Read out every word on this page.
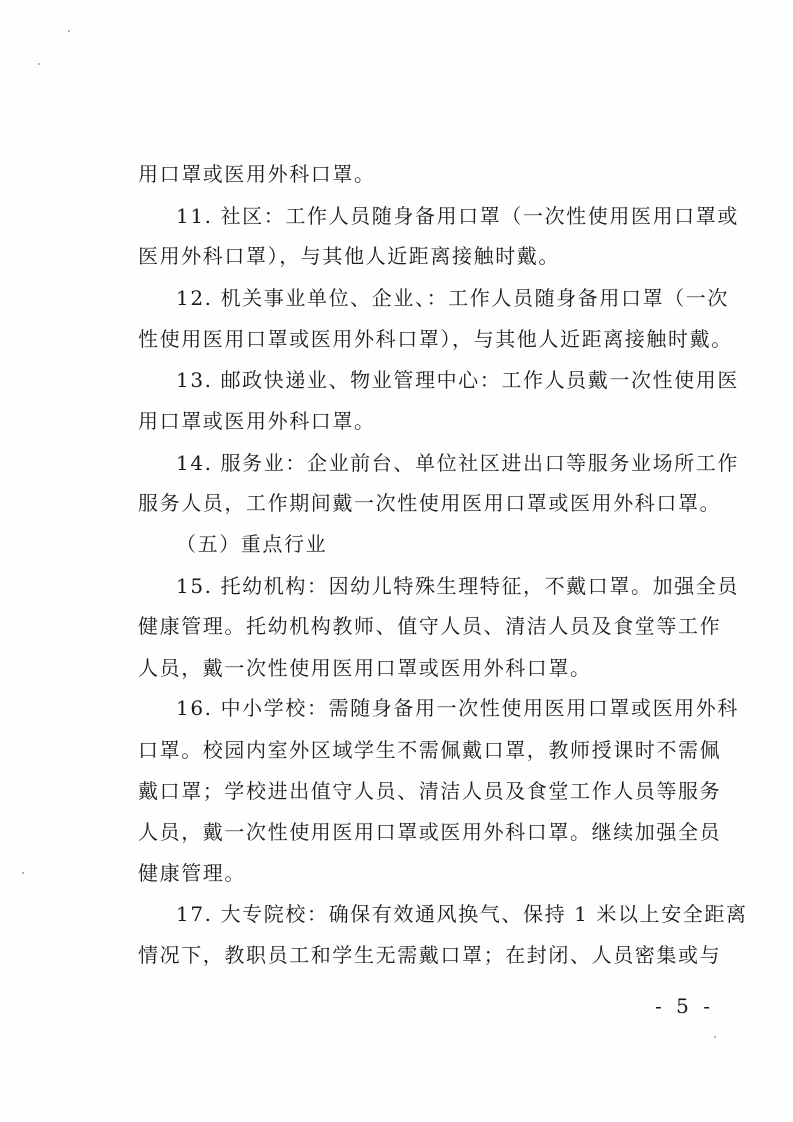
用口罩或医用外科口罩。
11. 社区：工作人员随身备用口罩（一次性使用医用口罩或
医用外科口罩），与其他人近距离接触时戴。
12. 机关事业单位、企业、：工作人员随身备用口罩（一次
性使用医用口罩或医用外科口罩），与其他人近距离接触时戴。
13. 邮政快递业、物业管理中心：工作人员戴一次性使用医
用口罩或医用外科口罩。
14. 服务业：企业前台、单位社区进出口等服务业场所工作
服务人员，工作期间戴一次性使用医用口罩或医用外科口罩。
（五）重点行业
15. 托幼机构：因幼儿特殊生理特征，不戴口罩。加强全员
健康管理。托幼机构教师、值守人员、清洁人员及食堂等工作
人员，戴一次性使用医用口罩或医用外科口罩。
16. 中小学校：需随身备用一次性使用医用口罩或医用外科
口罩。校园内室外区域学生不需佩戴口罩，教师授课时不需佩
戴口罩；学校进出值守人员、清洁人员及食堂工作人员等服务
人员，戴一次性使用医用口罩或医用外科口罩。继续加强全员
健康管理。
17. 大专院校：确保有效通风换气、保持 1 米以上安全距离
情况下，教职员工和学生无需戴口罩；在封闭、人员密集或与
- 5 -
